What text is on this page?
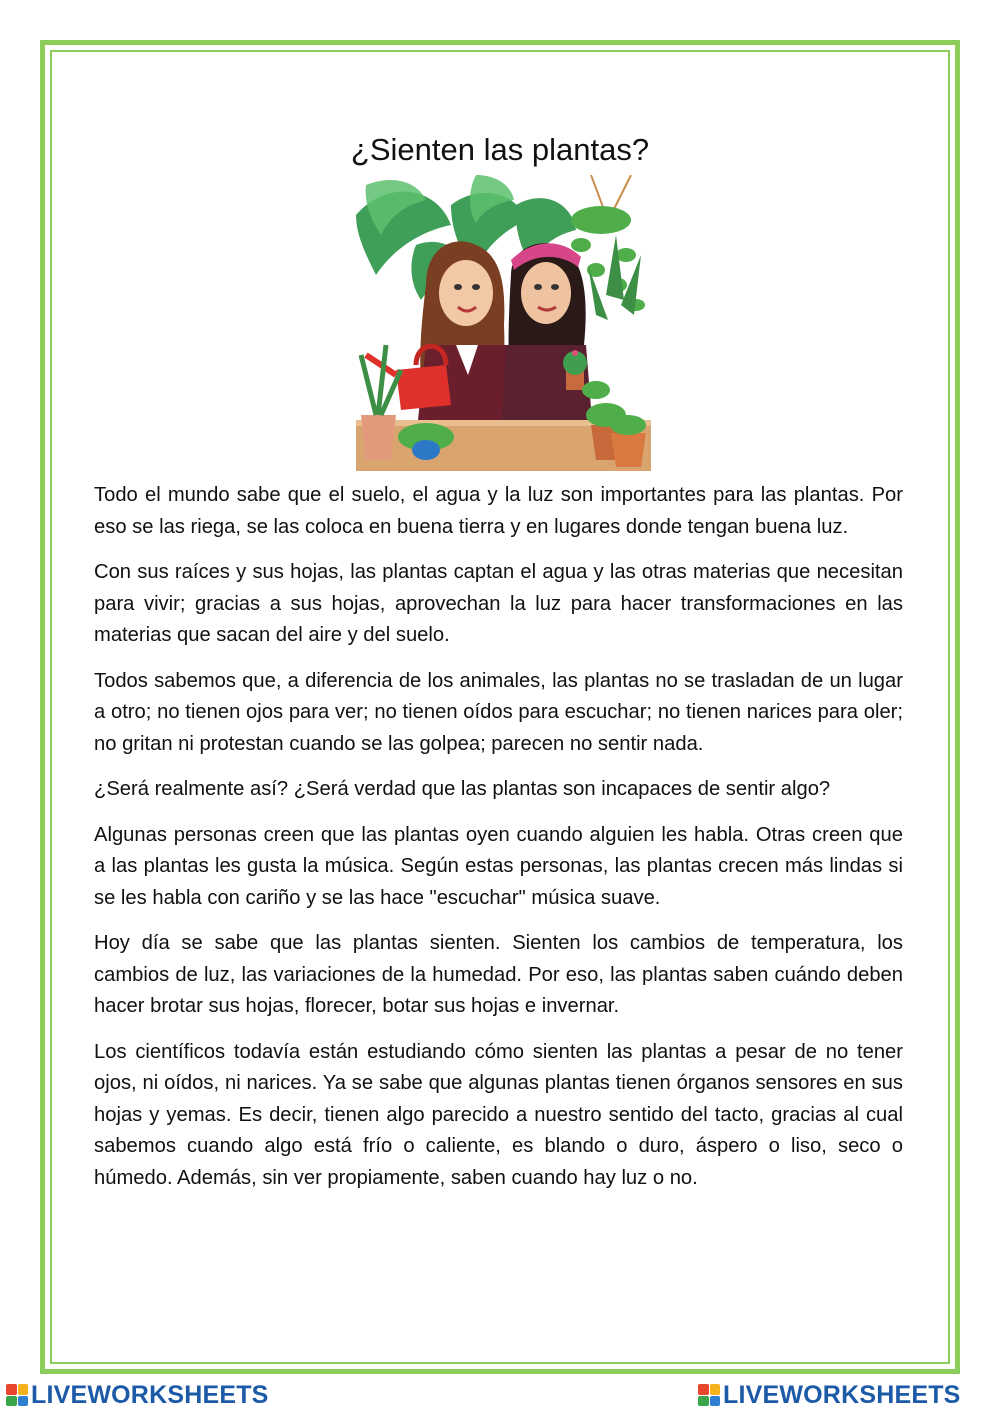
¿Sienten las plantas?

Todo el mundo sabe que el suelo, el agua y la luz son importantes para las plantas. Por eso se las riega, se las coloca en buena tierra y en lugares donde tengan buena luz.

Con sus raíces y sus hojas, las plantas captan el agua y las otras materias que necesitan para vivir; gracias a sus hojas, aprovechan la luz para hacer transformaciones en las materias que sacan del aire y del suelo.

Todos sabemos que, a diferencia de los animales, las plantas no se trasladan de un lugar a otro; no tienen ojos para ver; no tienen oídos para escuchar; no tienen narices para oler; no gritan ni protestan cuando se las golpea; parecen no sentir nada.

¿Será realmente así? ¿Será verdad que las plantas son incapaces de sentir algo?

Algunas personas creen que las plantas oyen cuando alguien les habla. Otras creen que a las plantas les gusta la música. Según estas personas, las plantas crecen más lindas si se les habla con cariño y se las hace "escuchar" música suave.

Hoy día se sabe que las plantas sienten. Sienten los cambios de temperatura, los cambios de luz, las variaciones de la humedad. Por eso, las plantas saben cuándo deben hacer brotar sus hojas, florecer, botar sus hojas e invernar.

Los científicos todavía están estudiando cómo sienten las plantas a pesar de no tener ojos, ni oídos, ni narices. Ya se sabe que algunas plantas tienen órganos sensores en sus hojas y yemas. Es decir, tienen algo parecido a nuestro sentido del tacto, gracias al cual sabemos cuando algo está frío o caliente, es blando o duro, áspero o liso, seco o húmedo. Además, sin ver propiamente, saben cuando hay luz o no.

LIVEWORKSHEETS	LIVEWORKSHEETS
